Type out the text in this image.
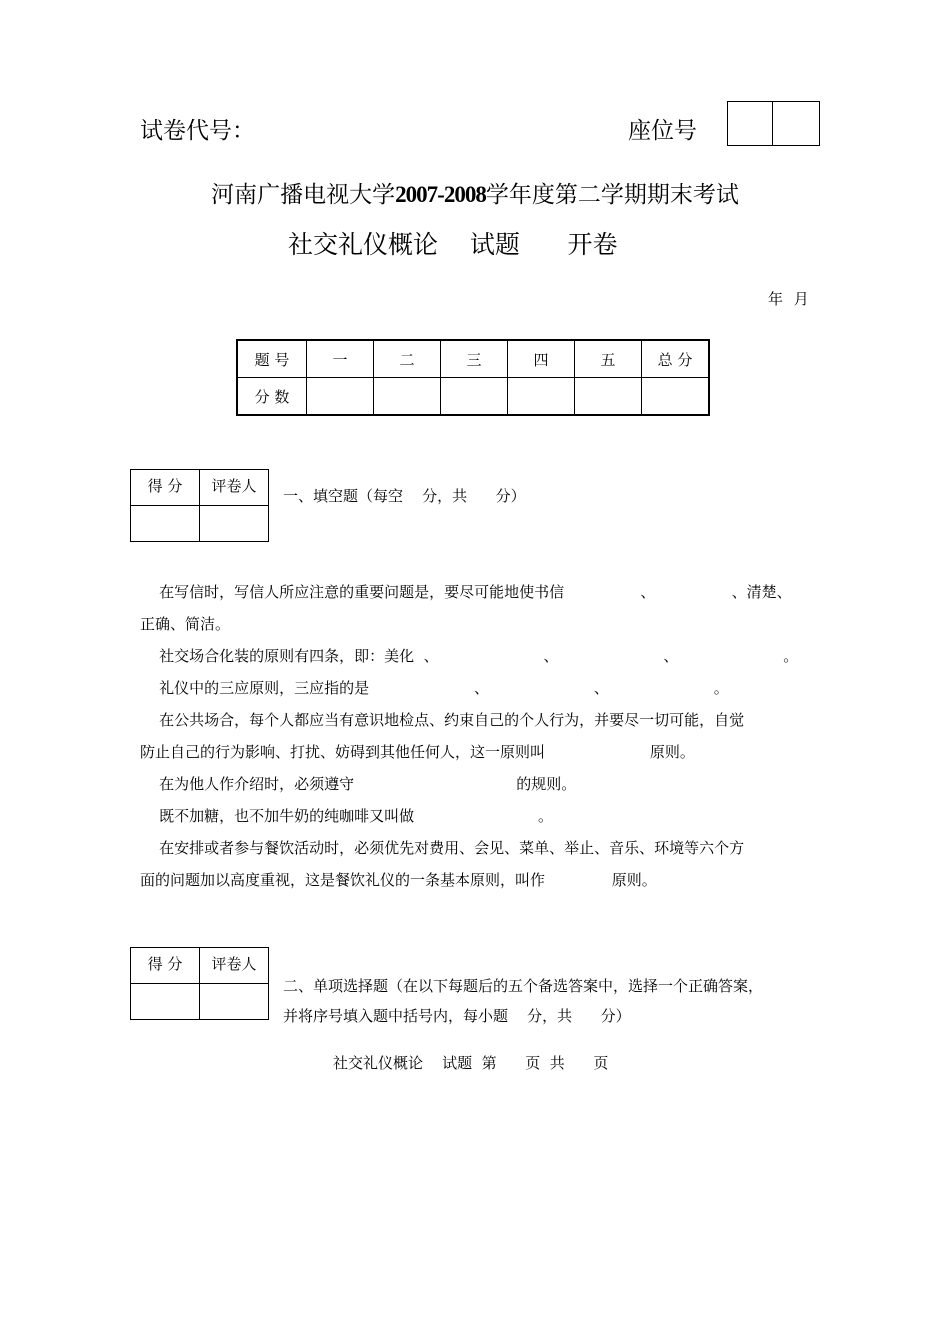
试卷代号：	座位号
河南广播电视大学2007-2008学年度第二学期期末考试
社交礼仪概论 试题 开卷
年 月
题 号	一	二	三	四	五	总 分
分 数						
得 分	评卷人

一、填空题（每空    分，共      分）

在写信时，写信人所应注意的重要问题是，要尽可能地使书信                、                、清楚、

正确、简洁。

社交场合化装的原则有四条，即：美化  、                      、                      、                      。

礼仪中的三应原则，三应指的是                      、                      、                      。

在公共场合，每个人都应当有意识地检点、约束自己的个人行为，并要尽一切可能，自觉

防止自己的行为影响、打扰、妨碍到其他任何人，这一原则叫                      原则。

在为他人作介绍时，必须遵守                                  的规则。

既不加糖，也不加牛奶的纯咖啡又叫做                          。

在安排或者参与餐饮活动时，必须优先对费用、会见、菜单、举止、音乐、环境等六个方

面的问题加以高度重视，这是餐饮礼仪的一条基本原则，叫作              原则。

得 分	评卷人

二、单项选择题（在以下每题后的五个备选答案中，选择一个正确答案，
并将序号填入题中括号内，每小题    分，共      分）
社交礼仪概论    试题  第      页  共      页
